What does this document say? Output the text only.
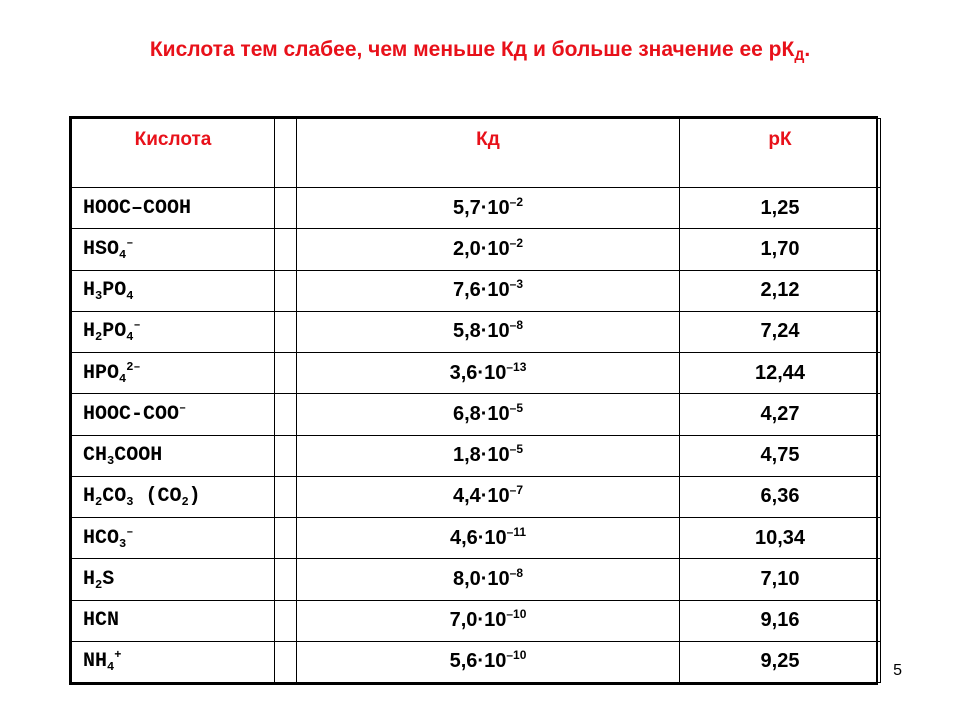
Кислота тем слабее, чем меньше Кд и больше значение ее $рК_Д$.
Кислота		Кд	рК
HOOC–COOH		$5,7\cdot 10^{-2}$	1,25
$HSO_4^-$		$2,0\cdot 10^{-2}$	1,70
$H_3PO_4$		$7,6\cdot 10^{-3}$	2,12
$H_2PO_4^-$		$5,8\cdot 10^{-8}$	7,24
$HPO_4^{2-}$		$3,6\cdot 10^{-13}$	12,44
HOOC-COO–		$6,8\cdot 10^{-5}$	4,27
$CH_3COOH$		$1,8\cdot 10^{-5}$	4,75
$H_2CO_3$ $(CO_2)$		$4,4\cdot 10^{-7}$	6,36
$HCO_3^-$		$4,6\cdot 10^{-11}$	10,34
$H_2S$		$8,0\cdot 10^{-8}$	7,10
HCN		$7,0\cdot 10^{-10}$	9,16
$NH_4^+$		$5,6\cdot 10^{-10}$	9,25	5
